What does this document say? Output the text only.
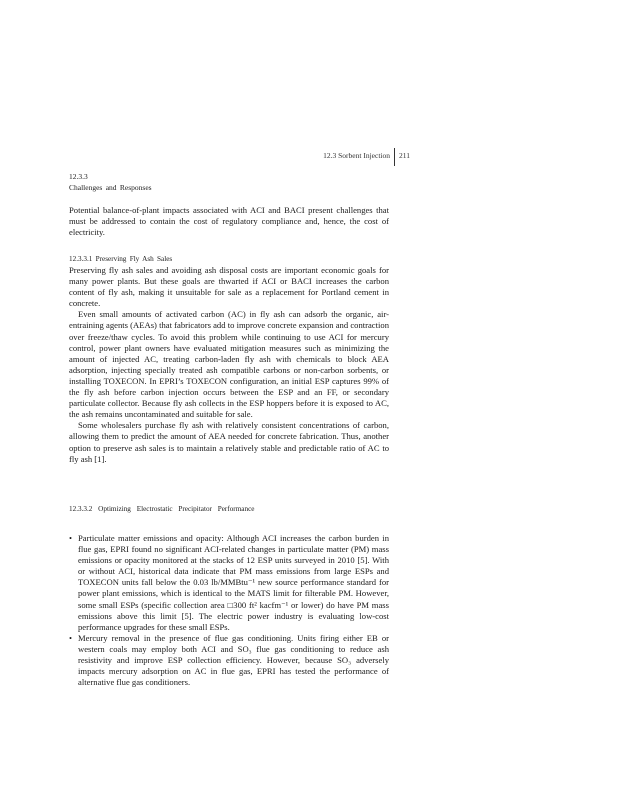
12.3 Sorbent Injection 211
12.3.3
Challenges and Responses

Potential balance-of-plant impacts associated with ACI and BACI present challenges that must be addressed to contain the cost of regulatory compliance and, hence, the cost of electricity.

12.3.3.1 Preserving Fly Ash Sales

Preserving fly ash sales and avoiding ash disposal costs are important economic goals for many power plants. But these goals are thwarted if ACI or BACI increases the carbon content of fly ash, making it unsuitable for sale as a replacement for Portland cement in concrete.

Even small amounts of activated carbon (AC) in fly ash can adsorb the organic, air-entraining agents (AEAs) that fabricators add to improve concrete expansion and contraction over freeze/thaw cycles. To avoid this problem while continuing to use ACI for mercury control, power plant owners have evaluated mitigation measures such as minimizing the amount of injected AC, treating carbon-laden fly ash with chemicals to block AEA adsorption, injecting specially treated ash compatible carbons or non-carbon sorbents, or installing TOXECON. In EPRI’s TOXECON configuration, an initial ESP captures 99% of the fly ash before carbon injection occurs between the ESP and an FF, or secondary particulate collector. Because fly ash collects in the ESP hoppers before it is exposed to AC, the ash remains uncontaminated and suitable for sale.

Some wholesalers purchase fly ash with relatively consistent concentrations of carbon, allowing them to predict the amount of AEA needed for concrete fabrication. Thus, another option to preserve ash sales is to maintain a relatively stable and predictable ratio of AC to fly ash [1].

12.3.3.2 Optimizing Electrostatic Precipitator Performance
• Particulate matter emissions and opacity: Although ACI increases the carbon burden in flue gas, EPRI found no significant ACI-related changes in particulate matter (PM) mass emissions or opacity monitored at the stacks of 12 ESP units surveyed in 2010 [5]. With or without ACI, historical data indicate that PM mass emissions from large ESPs and TOXECON units fall below the 0.03 lb/MMBtu⁻¹ new source performance standard for power plant emissions, which is identical to the MATS limit for filterable PM. However, some small ESPs (specific collection area □300 ft² kacfm⁻¹ or lower) do have PM mass emissions above this limit [5]. The electric power industry is evaluating low-cost performance upgrades for these small ESPs.
• Mercury removal in the presence of flue gas conditioning. Units firing either EB or western coals may employ both ACI and SO₃ flue gas conditioning to reduce ash resistivity and improve ESP collection efficiency. However, because SO₃ adversely impacts mercury adsorption on AC in flue gas, EPRI has tested the performance of alternative flue gas conditioners.
